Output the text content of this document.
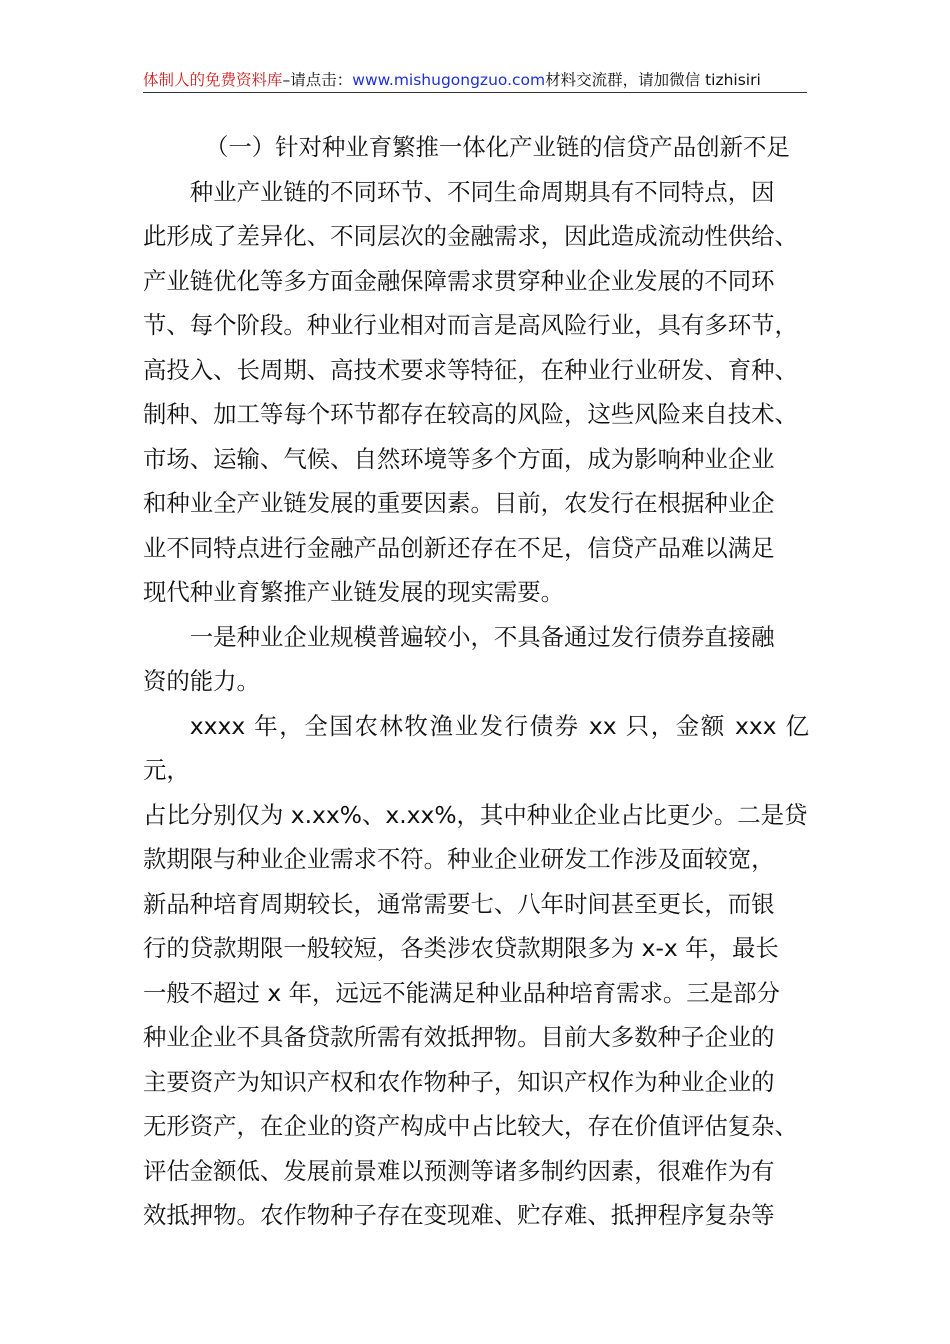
体制人的免费资料库–请点击：www.mishugongzuo.com材料交流群，请加微信 tizhisiri
（一）针对种业育繁推一体化产业链的信贷产品创新不足

种业产业链的不同环节、不同生命周期具有不同特点，因
此形成了差异化、不同层次的金融需求，因此造成流动性供给、
产业链优化等多方面金融保障需求贯穿种业企业发展的不同环
节、每个阶段。种业行业相对而言是高风险行业，具有多环节，
高投入、长周期、高技术要求等特征，在种业行业研发、育种、
制种、加工等每个环节都存在较高的风险，这些风险来自技术、
市场、运输、气候、自然环境等多个方面，成为影响种业企业
和种业全产业链发展的重要因素。目前，农发行在根据种业企
业不同特点进行金融产品创新还存在不足，信贷产品难以满足
现代种业育繁推产业链发展的现实需要。

一是种业企业规模普遍较小，不具备通过发行债券直接融
资的能力。

xxxx 年，全国农林牧渔业发行债券 xx 只，金额 xxx 亿元，
占比分别仅为 x.xx%、x.xx%，其中种业企业占比更少。二是贷
款期限与种业企业需求不符。种业企业研发工作涉及面较宽，
新品种培育周期较长，通常需要七、八年时间甚至更长，而银
行的贷款期限一般较短，各类涉农贷款期限多为 x-x 年，最长
一般不超过 x 年，远远不能满足种业品种培育需求。三是部分
种业企业不具备贷款所需有效抵押物。目前大多数种子企业的
主要资产为知识产权和农作物种子，知识产权作为种业企业的
无形资产，在企业的资产构成中占比较大，存在价值评估复杂、
评估金额低、发展前景难以预测等诸多制约因素，很难作为有
效抵押物。农作物种子存在变现难、贮存难、抵押程序复杂等
